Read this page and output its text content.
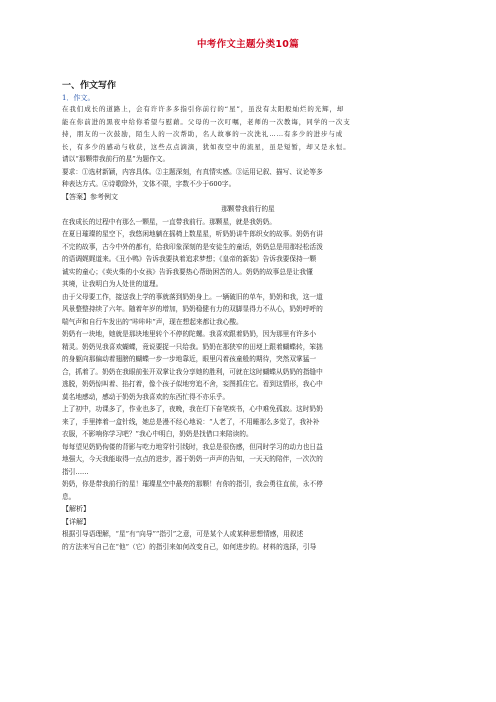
中考作文主题分类10篇
一、作文写作
1．作文。
在我们成长的道路上，会有许许多多指引你前行的“星”，虽没有太阳般灿烂的光辉，却
能在你前进的黑夜中给你希望与慰藉。父母的一次叮嘱，老师的一次教诲，同学的一次支
持，朋友的一次鼓励，陌生人的一次帮助，名人故事的一次洗礼……有多少的进步与成
长，有多少的感动与收获，这些点点滴滴，犹如夜空中的流星，虽是短暂，却又是永恒。
请以“那颗带我前行的星”为题作文。
要求：①选材新颖，内容具体。②主题深刻，有真情实感。③运用记叙、描写、议论等多
种表达方式。④诗歌除外，文体不限，字数不少于600字。
【答案】参考例文
那颗带我前行的星
在我成长的过程中有那么一颗星，一直带我前行。那颗星，就是我奶奶。
在夏日璀璨的星空下，我悠闲地躺在摇椅上数星星，听奶奶讲牛郎织女的故事。奶奶有讲
不完的故事，古今中外的都有，给我印象深刻的是安徒生的童话，奶奶总是用那轻松活泼
的语调娓娓道来。《丑小鸭》告诉我要执着追求梦想；《皇帝的新装》告诉我要保持一颗
诚实的童心；《卖火柴的小女孩》告诉我要热心帮助困苦的人。奶奶的故事总是让我懂
其境，让我明白为人处世的道理。
由于父母要工作，接送我上学的事就落到奶奶身上。一辆破旧的单车，奶奶和我，这一道
风景整整持续了六年。随着年岁的增加，奶奶稳健有力的双脚显得力不从心，奶奶呼呼的
喘气声和自行车发出的“咔咔咔”声，现在想起来都让我心酸。
奶奶有一块地，她就是那块地里转个不停的陀螺。我喜欢跟着奶奶，因为那里有许多小
精灵。奶奶见我喜欢蝴蝶，竟说要捉一只给我。奶奶在那狭窄的田埂上跟着蝴蝶转，笨拙
的身躯向那偏动着翅膀的蝴蝶一步一步地靠近，眼里闪着孩童般的期待，突然双掌猛一
合，抓着了。奶奶在我眼前张开双掌让我分享她的胜利，可就在这时蝴蝶从奶奶的指缝中
逃脱，奶奶惊叫着、掐打着，像个孩子似地穷追不舍，妄图抓住它。看到这情形，我心中
莫名地感动，感动于奶奶为我喜欢的东西忙得不亦乐乎。
上了初中，功课多了，作业也多了，夜晚，我在灯下奋笔疾书，心中难免孤寂。这时奶奶
来了，手里捧着一盒针线，她总是漫不经心地说：“人老了，不用睡那么多觉了，我补补
衣服，不影响你学习吧？”我心中明白，奶奶是找借口来陪读的。
每每望见奶奶佝偻的背影与吃力地穿针引线时，我总是很伤感，但同时学习的动力也日益
地强大，今天我能取得一点点的进步，源于奶奶一声声的告知，一天天的陪伴，一次次的
指引……
奶奶，你是带我前行的星！璀璨星空中最亮的那颗！有你的指引，我会勇往直前，永不停
息。
【解析】
【详解】
根据引导语理解，“星”有“向导”“指引”之意，可是某个人或某种思想情感，用叙述
的方法来写自己在“他”（它）的指引来如何改变自己，如何进步的。材料的选择，引导
